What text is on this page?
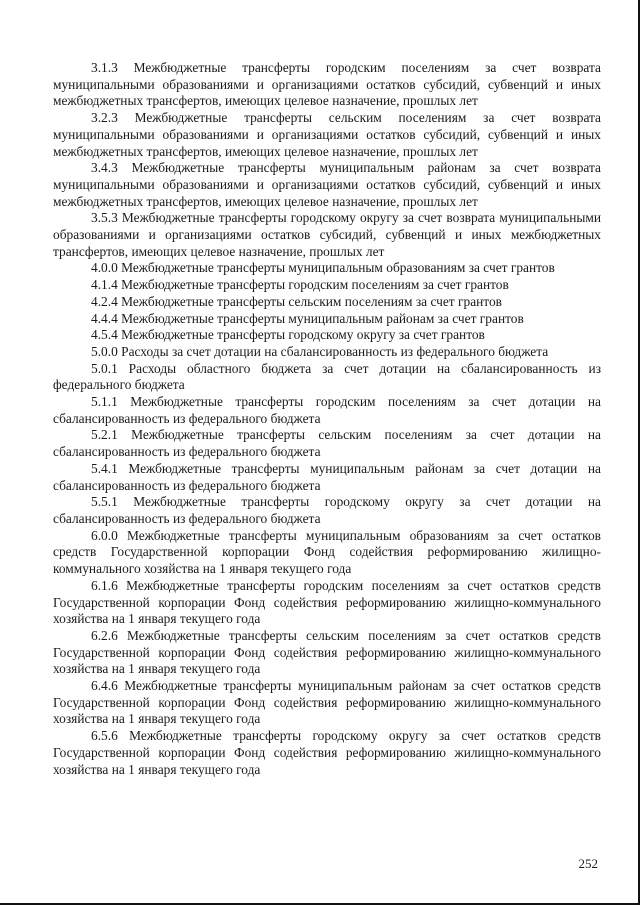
3.1.3 Межбюджетные трансферты городским поселениям за счет возврата муниципальными образованиями и организациями остатков субсидий, субвенций и иных межбюджетных трансфертов, имеющих целевое назначение, прошлых лет

3.2.3 Межбюджетные трансферты сельским поселениям за счет возврата муниципальными образованиями и организациями остатков субсидий, субвенций и иных межбюджетных трансфертов, имеющих целевое назначение, прошлых лет

3.4.3 Межбюджетные трансферты муниципальным районам за счет возврата муниципальными образованиями и организациями остатков субсидий, субвенций и иных межбюджетных трансфертов, имеющих целевое назначение, прошлых лет

3.5.3 Межбюджетные трансферты городскому округу за счет возврата муниципальными образованиями и организациями остатков субсидий, субвенций и иных межбюджетных трансфертов, имеющих целевое назначение, прошлых лет

4.0.0 Межбюджетные трансферты муниципальным образованиям за счет грантов

4.1.4 Межбюджетные трансферты городским поселениям за счет грантов

4.2.4 Межбюджетные трансферты сельским поселениям за счет грантов

4.4.4 Межбюджетные трансферты муниципальным районам за счет грантов

4.5.4 Межбюджетные трансферты городскому округу за счет грантов

5.0.0 Расходы за счет дотации на сбалансированность из федерального бюджета

5.0.1 Расходы областного бюджета за счет дотации на сбалансированность из федерального бюджета

5.1.1 Межбюджетные трансферты городским поселениям за счет дотации на сбалансированность из федерального бюджета

5.2.1 Межбюджетные трансферты сельским поселениям за счет дотации на сбалансированность из федерального бюджета

5.4.1 Межбюджетные трансферты муниципальным районам за счет дотации на сбалансированность из федерального бюджета

5.5.1 Межбюджетные трансферты городскому округу за счет дотации на сбалансированность из федерального бюджета

6.0.0 Межбюджетные трансферты муниципальным образованиям за счет остатков средств Государственной корпорации Фонд содействия реформированию жилищно-коммунального хозяйства на 1 января текущего года

6.1.6 Межбюджетные трансферты городским поселениям за счет остатков средств Государственной корпорации Фонд содействия реформированию жилищно-коммунального хозяйства на 1 января текущего года

6.2.6 Межбюджетные трансферты сельским поселениям за счет остатков средств Государственной корпорации Фонд содействия реформированию жилищно-коммунального хозяйства на 1 января текущего года

6.4.6 Межбюджетные трансферты муниципальным районам за счет остатков средств Государственной корпорации Фонд содействия реформированию жилищно-коммунального хозяйства на 1 января текущего года

6.5.6 Межбюджетные трансферты городскому округу за счет остатков средств Государственной корпорации Фонд содействия реформированию жилищно-коммунального хозяйства на 1 января текущего года

252
